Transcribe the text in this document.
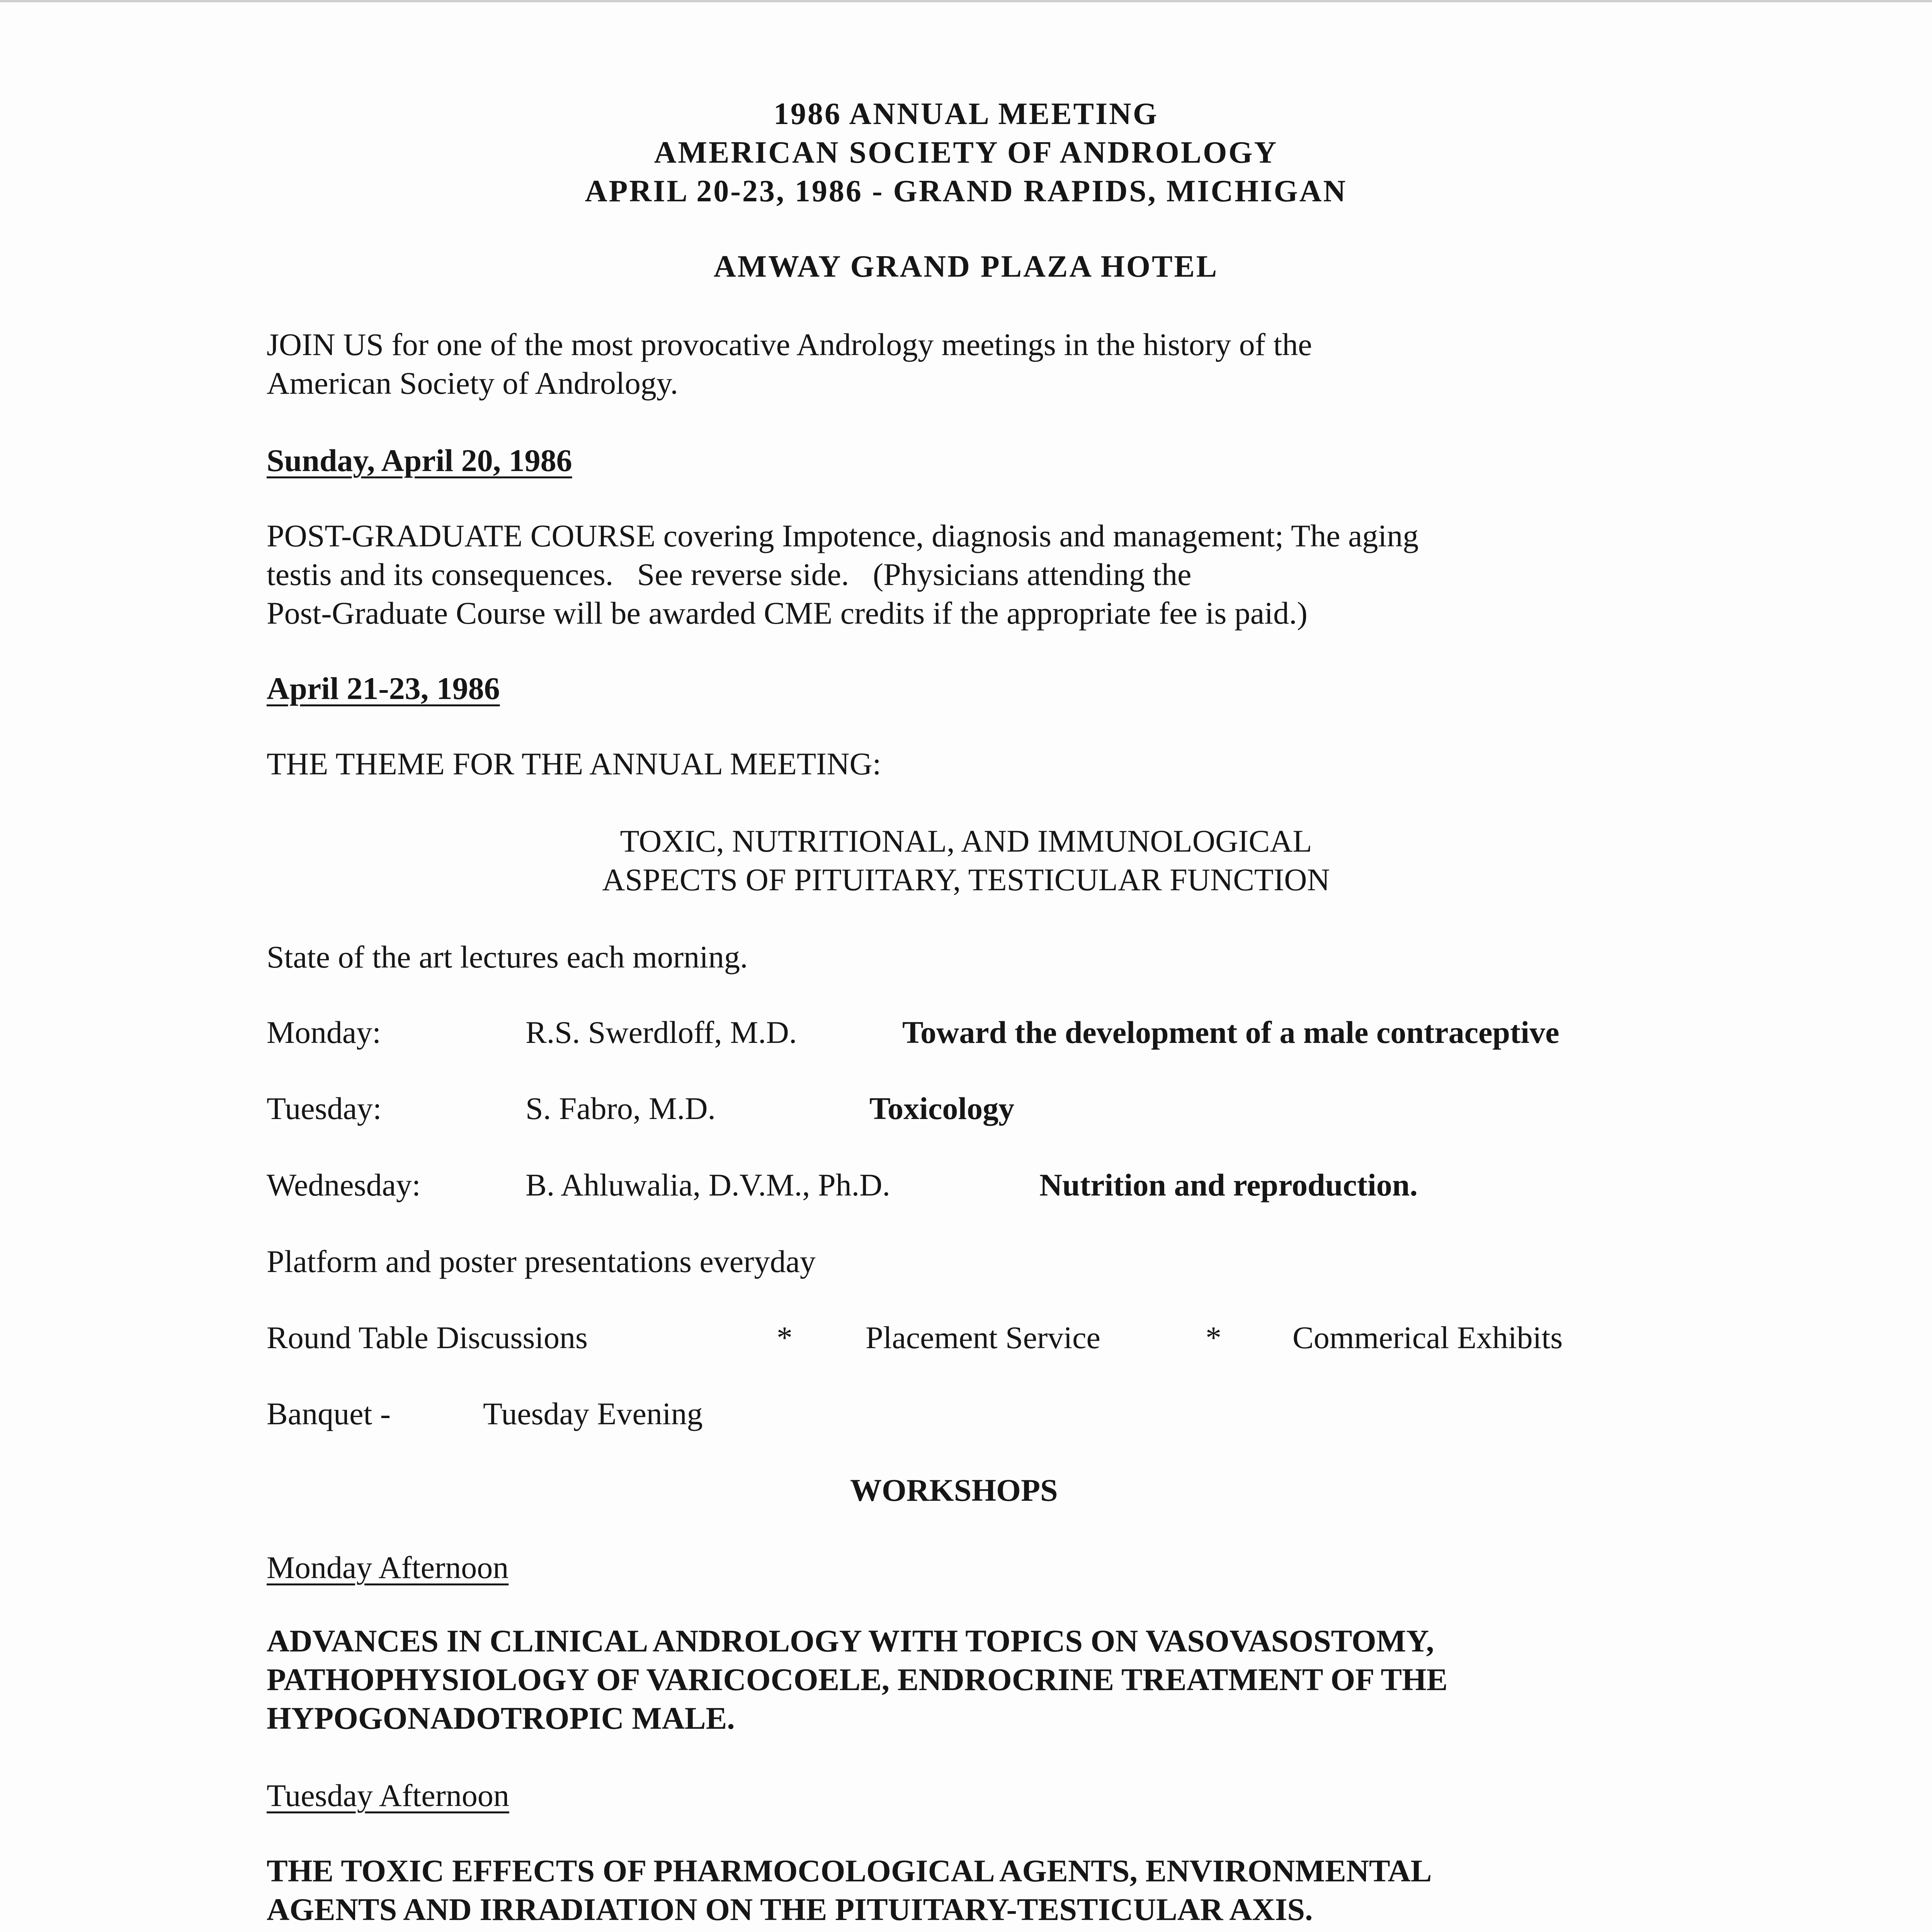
1986 ANNUAL MEETING
AMERICAN SOCIETY OF ANDROLOGY
APRIL 20-23, 1986 - GRAND RAPIDS, MICHIGAN
AMWAY GRAND PLAZA HOTEL
JOIN US for one of the most provocative Andrology meetings in the history of the
American Society of Andrology.
Sunday, April 20, 1986
POST-GRADUATE COURSE covering Impotence, diagnosis and management; The aging
testis and its consequences.   See reverse side.   (Physicians attending the
Post-Graduate Course will be awarded CME credits if the appropriate fee is paid.)
April 21-23, 1986
THE THEME FOR THE ANNUAL MEETING:
TOXIC, NUTRITIONAL, AND IMMUNOLOGICAL
ASPECTS OF PITUITARY, TESTICULAR FUNCTION
State of the art lectures each morning.
Monday:	R.S. Swerdloff, M.D.	Toward the development of a male contraceptive
Tuesday:	S. Fabro, M.D.	Toxicology
Wednesday:	B. Ahluwalia, D.V.M., Ph.D.	Nutrition and reproduction.
Platform and poster presentations everyday
Round Table Discussions	* Placement Service	* Commerical Exhibits
Banquet -	Tuesday Evening
WORKSHOPS
Monday Afternoon
ADVANCES IN CLINICAL ANDROLOGY WITH TOPICS ON VASOVASOSTOMY,
PATHOPHYSIOLOGY OF VARICOCOELE, ENDROCRINE TREATMENT OF THE
HYPOGONADOTROPIC MALE.
Tuesday Afternoon
THE TOXIC EFFECTS OF PHARMOCOLOGICAL AGENTS, ENVIRONMENTAL
AGENTS AND IRRADIATION ON THE PITUITARY-TESTICULAR AXIS.
